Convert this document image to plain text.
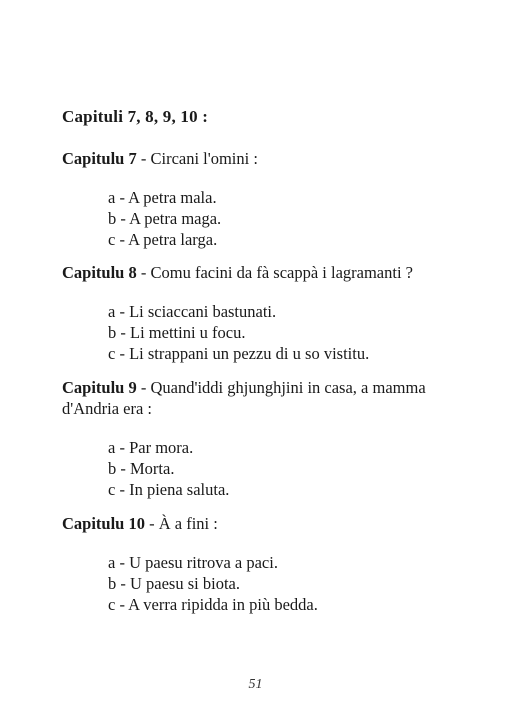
Capituli 7, 8, 9, 10 :
Capitulu 7 - Circani l'omini :
a - A petra mala.
b - A petra maga.
c - A petra larga.
Capitulu 8 - Comu facini da fà scappà i lagramanti ?
a - Li sciaccani bastunati.
b - Li mettini u focu.
c - Li strappani un pezzu di u so vistitu.
Capitulu 9 - Quand'iddi ghjunghjini in casa, a mamma d'Andria era :
a - Par mora.
b - Morta.
c - In piena saluta.
Capitulu 10 - À a fini :
a - U paesu ritrova a paci.
b - U paesu si biota.
c - A verra ripidda in più bedda.
51
